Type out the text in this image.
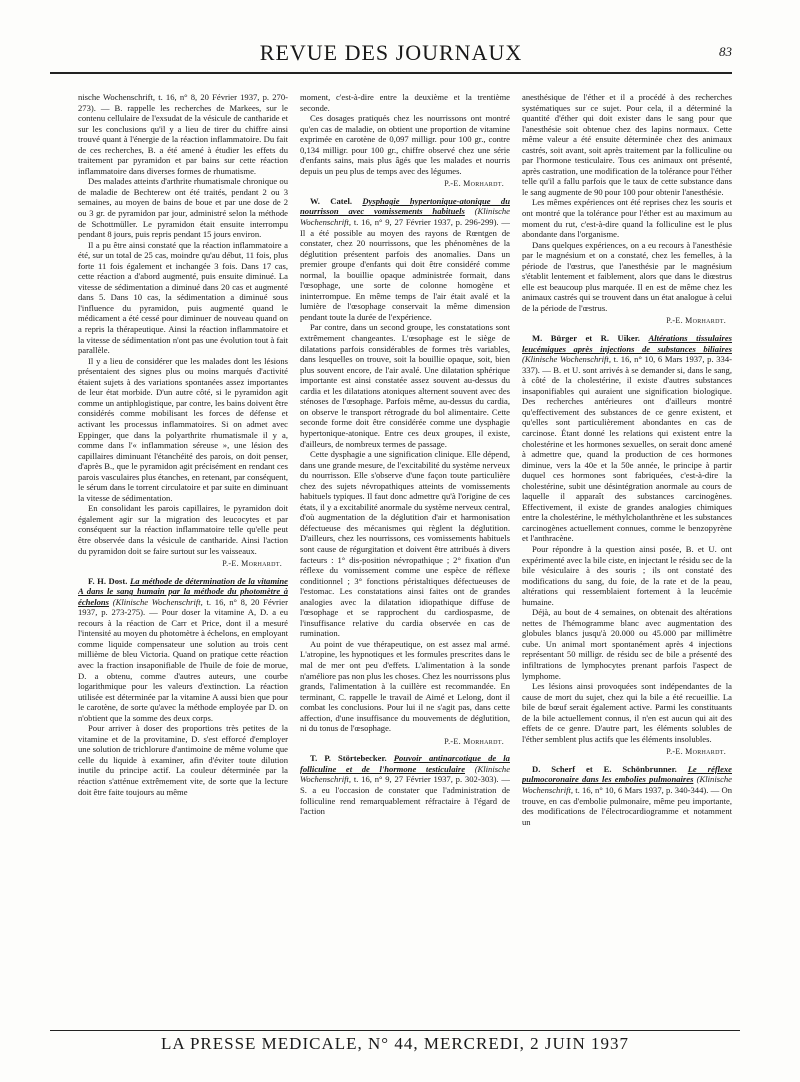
REVUE DES JOURNAUX	83

nische Wochenschrift, t. 16, n° 8, 20 Février 1937, p. 270-273). — B. rappelle les recherches de Markees, sur le contenu cellulaire de l'exsudat de la vésicule de cantharide et sur les conclusions qu'il y a lieu de tirer du chiffre ainsi trouvé quant à l'énergie de la réaction inflammatoire. Du fait de ces recherches, B. a été amené à étudier les effets du traitement par pyramidon et par bains sur cette réaction inflammatoire dans diverses formes de rhumatisme.

Des malades atteints d'arthrite rhumatismale chronique ou de maladie de Bechterew ont été traités, pendant 2 ou 3 semaines, au moyen de bains de boue et par une dose de 2 ou 3 gr. de pyramidon par jour, administré selon la méthode de Schottmüller. Le pyramidon était ensuite interrompu pendant 8 jours, puis repris pendant 15 jours environ.

Il a pu être ainsi constaté que la réaction inflammatoire a été, sur un total de 25 cas, moindre qu'au début, 11 fois, plus forte 11 fois également et inchangée 3 fois. Dans 17 cas, cette réaction a d'abord augmenté, puis ensuite diminué. La vitesse de sédimentation a diminué dans 20 cas et augmenté dans 5. Dans 10 cas, la sédimentation a diminué sous l'influence du pyramidon, puis augmenté quand le médicament a été cessé pour diminuer de nouveau quand on a repris la thérapeutique. Ainsi la réaction inflammatoire et la vitesse de sédimentation n'ont pas une évolution tout à fait parallèle.

Il y a lieu de considérer que les malades dont les lésions présentaient des signes plus ou moins marqués d'activité étaient sujets à des variations spontanées assez importantes de leur état morbide. D'un autre côté, si le pyramidon agit comme un antiphlogistique, par contre, les bains doivent être considérés comme mobilisant les forces de défense et activant les processus inflammatoires. Si on admet avec Eppinger, que dans la polyarthrite rhumatismale il y a, comme dans l'« inflammation séreuse », une lésion des capillaires diminuant l'étanchéité des parois, on doit penser, d'après B., que le pyramidon agit précisément en rendant ces parois vasculaires plus étanches, en retenant, par conséquent, le sérum dans le torrent circulatoire et par suite en diminuant la vitesse de sédimentation.

En consolidant les parois capillaires, le pyramidon doit également agir sur la migration des leucocytes et par conséquent sur la réaction inflammatoire telle qu'elle peut être observée dans la vésicule de cantharide. Ainsi l'action du pyramidon doit se faire surtout sur les vaisseaux.

P.-E. Morhardt.

F. H. Dost. La méthode de détermination de la vitamine A dans le sang humain par la méthode du photomètre à échelons (Klinische Wochenschrift, t. 16, n° 8, 20 Février 1937, p. 273-275). — Pour doser la vitamine A, D. a eu recours à la réaction de Carr et Price, dont il a mesuré l'intensité au moyen du photomètre à échelons, en employant comme liquide compensateur une solution au trois cent millième de bleu Victoria. Quand on pratique cette réaction avec la fraction insaponifiable de l'huile de foie de morue, D. a obtenu, comme d'autres auteurs, une courbe logarithmique pour les valeurs d'extinction. La réaction utilisée est déterminée par la vitamine A aussi bien que pour le carotène, de sorte qu'avec la méthode employée par D. on n'obtient que la somme des deux corps.

Pour arriver à doser des proportions très petites de la vitamine et de la provitamine, D. s'est efforcé d'employer une solution de trichlorure d'antimoine de même volume que celle du liquide à examiner, afin d'éviter toute dilution inutile du principe actif. La couleur déterminée par la réaction s'atténue extrêmement vite, de sorte que la lecture doit être faite toujours au même

moment, c'est-à-dire entre la deuxième et la trentième seconde.

Ces dosages pratiqués chez les nourrissons ont montré qu'en cas de maladie, on obtient une proportion de vitamine exprimée en carotène de 0,097 milligr. pour 100 gr., contre 0,134 milligr. pour 100 gr., chiffre observé chez une série d'enfants sains, mais plus âgés que les malades et nourris depuis un peu plus de temps avec des légumes.

P.-E. Morhardt.

W. Catel. Dysphagie hypertonique-atonique du nourrisson avec vomissements habituels (Klinische Wochenschrift, t. 16, n° 9, 27 Février 1937, p. 296-299). — Il a été possible au moyen des rayons de Rœntgen de constater, chez 20 nourrissons, que les phénomènes de la déglutition présentent parfois des anomalies. Dans un premier groupe d'enfants qui doit être considéré comme normal, la bouillie opaque administrée formait, dans l'œsophage, une sorte de colonne homogène et ininterrompue. En même temps de l'air était avalé et la lumière de l'œsophage conservait la même dimension pendant toute la durée de l'expérience.

Par contre, dans un second groupe, les constatations sont extrêmement changeantes. L'œsophage est le siège de dilatations parfois considérables de formes très variables, dans lesquelles on trouve, soit la bouillie opaque, soit, bien plus souvent encore, de l'air avalé. Une dilatation sphérique importante est ainsi constatée assez souvent au-dessus du cardia et les dilatations atoniques alternent souvent avec des sténoses de l'œsophage. Parfois même, au-dessus du cardia, on observe le transport rétrograde du bol alimentaire. Cette seconde forme doit être considérée comme une dysphagie hypertonique-atonique. Entre ces deux groupes, il existe, d'ailleurs, de nombreux termes de passage.

Cette dysphagie a une signification clinique. Elle dépend, dans une grande mesure, de l'excitabilité du système nerveux du nourrisson. Elle s'observe d'une façon toute particulière chez des sujets névropathiques atteints de vomissements habituels typiques. Il faut donc admettre qu'à l'origine de ces états, il y a excitabilité anormale du système nerveux central, d'où augmentation de la déglutition d'air et harmonisation défectueuse des mécanismes qui règlent la déglutition. D'ailleurs, chez les nourrissons, ces vomissements habituels sont cause de régurgitation et doivent être attribués à divers facteurs : 1° dis-position névropathique ; 2° fixation d'un réflexe du vomissement comme une espèce de réflexe conditionnel ; 3° fonctions péristaltiques défectueuses de l'estomac. Les constatations ainsi faites ont de grandes analogies avec la dilatation idiopathique diffuse de l'œsophage et se rapprochent du cardiospasme, de l'insuffisance relative du cardia observée en cas de rumination.

Au point de vue thérapeutique, on est assez mal armé. L'atropine, les hypnotiques et les formules prescrites dans le mal de mer ont peu d'effets. L'alimentation à la sonde n'améliore pas non plus les choses. Chez les nourrissons plus grands, l'alimentation à la cuillère est recommandée. En terminant, C. rappelle le travail de Aimé et Lelong, dont il combat les conclusions. Pour lui il ne s'agit pas, dans cette affection, d'une insuffisance du mouvements de déglutition, ni du tonus de l'œsophage.

P.-E. Morhardt.

T. P. Störtebecker. Pouvoir antinarcotique de la folliculine et de l'hormone testiculaire (Klinische Wochenschrift, t. 16, n° 9, 27 Février 1937, p. 302-303). — S. a eu l'occasion de constater que l'administration de folliculine rend remarquablement réfractaire à l'égard de l'action

anesthésique de l'éther et il a procédé à des recherches systématiques sur ce sujet. Pour cela, il a déterminé la quantité d'éther qui doit exister dans le sang pour que l'anesthésie soit obtenue chez des lapins normaux. Cette même valeur a été ensuite déterminée chez des animaux castrés, soit avant, soit après traitement par la folliculine ou par l'hormone testiculaire. Tous ces animaux ont présenté, après castration, une modification de la tolérance pour l'éther telle qu'il a fallu parfois que le taux de cette substance dans le sang augmente de 90 pour 100 pour obtenir l'anesthésie.

Les mêmes expériences ont été reprises chez les souris et ont montré que la tolérance pour l'éther est au maximum au moment du rut, c'est-à-dire quand la folliculine est le plus abondante dans l'organisme.

Dans quelques expériences, on a eu recours à l'anesthésie par le magnésium et on a constaté, chez les femelles, à la période de l'œstrus, que l'anesthésie par le magnésium s'établit lentement et faiblement, alors que dans le diœstrus elle est beaucoup plus marquée. Il en est de même chez les animaux castrés qui se trouvent dans un état analogue à celui de la période de l'œstrus.

P.-E. Morhardt.

M. Bürger et R. Uiker. Altérations tissulaires leucémiques après injections de substances biliaires (Klinische Wochenschrift, t. 16, n° 10, 6 Mars 1937, p. 334-337). — B. et U. sont arrivés à se demander si, dans le sang, à côté de la cholestérine, il existe d'autres substances insaponifiables qui auraient une signification biologique. Des recherches antérieures ont d'ailleurs montré qu'effectivement des substances de ce genre existent, et qu'elles sont particulièrement abondantes en cas de carcinose. Étant donné les relations qui existent entre la cholestérine et les hormones sexuelles, on serait donc amené à admettre que, quand la production de ces hormones diminue, vers la 40e et la 50e année, le principe à partir duquel ces hormones sont fabriquées, c'est-à-dire la cholestérine, subit une désintégration anormale au cours de laquelle il apparaît des substances carcinogènes. Effectivement, il existe de grandes analogies chimiques entre la cholestérine, le méthylcholanthrène et les substances carcinogènes actuellement connues, comme le benzopyrène et l'anthracène.

Pour répondre à la question ainsi posée, B. et U. ont expérimenté avec la bile ciste, en injectant le résidu sec de la bile vésiculaire à des souris ; ils ont constaté des modifications du sang, du foie, de la rate et de la peau, altérations qui ressemblaient fortement à la leucémie humaine.

Déjà, au bout de 4 semaines, on obtenait des altérations nettes de l'hémogramme blanc avec augmentation des globules blancs jusqu'à 20.000 ou 45.000 par millimètre cube. Un animal mort spontanément après 4 injections représentant 50 milligr. de résidu sec de bile a présenté des infiltrations de lymphocytes prenant parfois l'aspect de lymphome.

Les lésions ainsi provoquées sont indépendantes de la cause de mort du sujet, chez qui la bile a été recueillie. La bile de bœuf serait également active. Parmi les constituants de la bile actuellement connus, il n'en est aucun qui ait des effets de ce genre. D'autre part, les éléments solubles de l'éther semblent plus actifs que les éléments insolubles.

P.-E. Morhardt.

D. Scherf et E. Schönbrunner. Le réflexe pulmocoronaire dans les embolies pulmonaires (Klinische Wochenschrift, t. 16, n° 10, 6 Mars 1937, p. 340-344). — On trouve, en cas d'embolie pulmonaire, même peu importante, des modifications de l'électrocardiogramme et notamment un

LA PRESSE MEDICALE, N° 44, MERCREDI, 2 JUIN 1937
